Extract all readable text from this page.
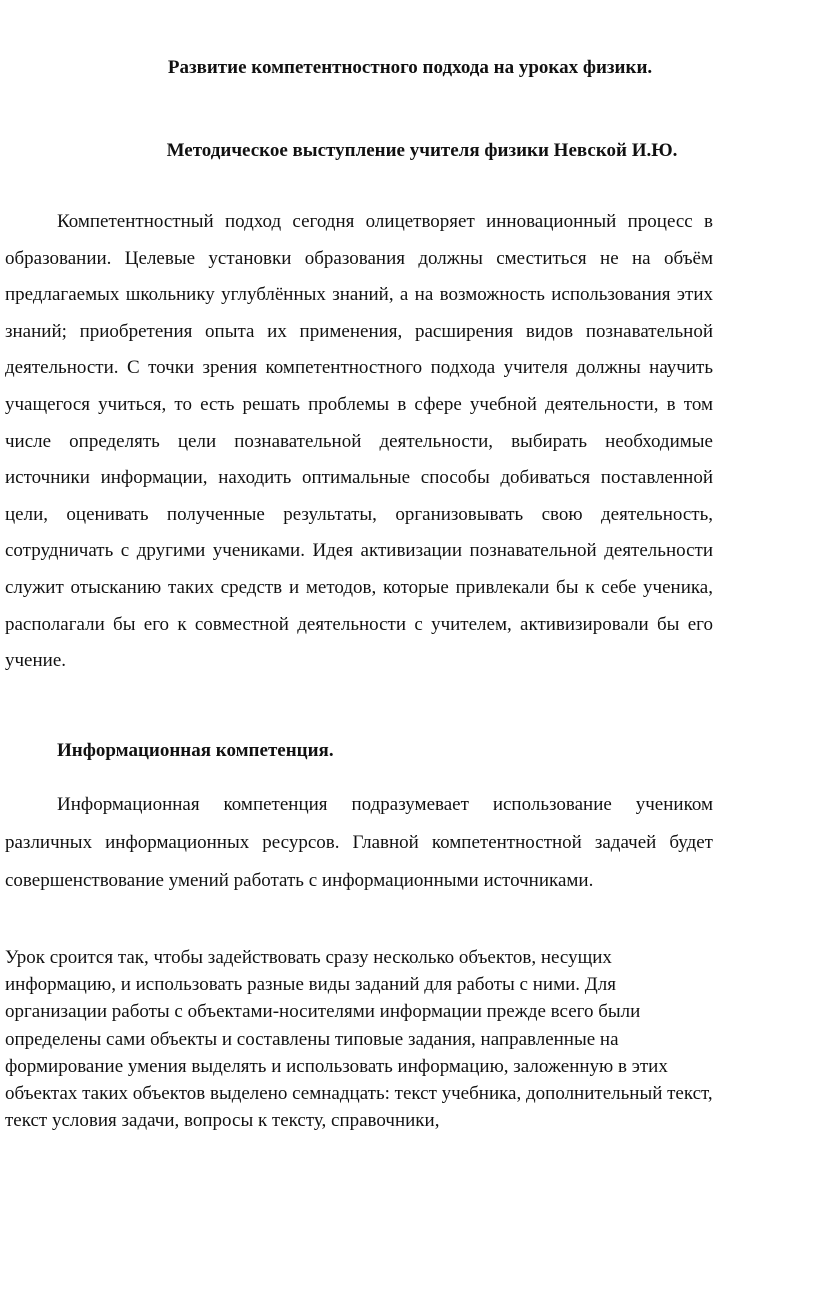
Развитие компетентностного подхода на уроках физики.
Методическое выступление учителя физики Невской И.Ю.

Компетентностный подход сегодня олицетворяет инновационный процесс в образовании. Целевые установки образования должны сместиться не на объём предлагаемых школьнику углублённых знаний, а на возможность использования этих знаний; приобретения опыта их применения, расширения видов познавательной деятельности. С точки зрения компетентностного подхода учителя должны научить учащегося учиться, то есть решать проблемы в сфере учебной деятельности, в том числе определять цели познавательной деятельности, выбирать необходимые источники информации, находить оптимальные способы добиваться поставленной цели, оценивать полученные результаты, организовывать свою деятельность, сотрудничать с другими учениками. Идея активизации познавательной деятельности служит отысканию таких средств и методов, которые привлекали бы к себе ученика, располагали бы его к совместной деятельности с учителем, активизировали бы его учение.

Информационная компетенция.

Информационная компетенция подразумевает использование учеником различных информационных ресурсов. Главной компетентностной задачей будет совершенствование умений работать с информационными источниками.

Урок сроится так, чтобы задействовать сразу несколько объектов, несущих информацию, и использовать разные виды заданий для работы с ними. Для организации работы с объектами-носителями информации прежде всего были определены сами объекты и составлены типовые задания, направленные на формирование умения выделять и использовать информацию, заложенную в этих объектах таких объектов выделено семнадцать: текст учебника, дополнительный текст, текст условия задачи, вопросы к тексту, справочники,
